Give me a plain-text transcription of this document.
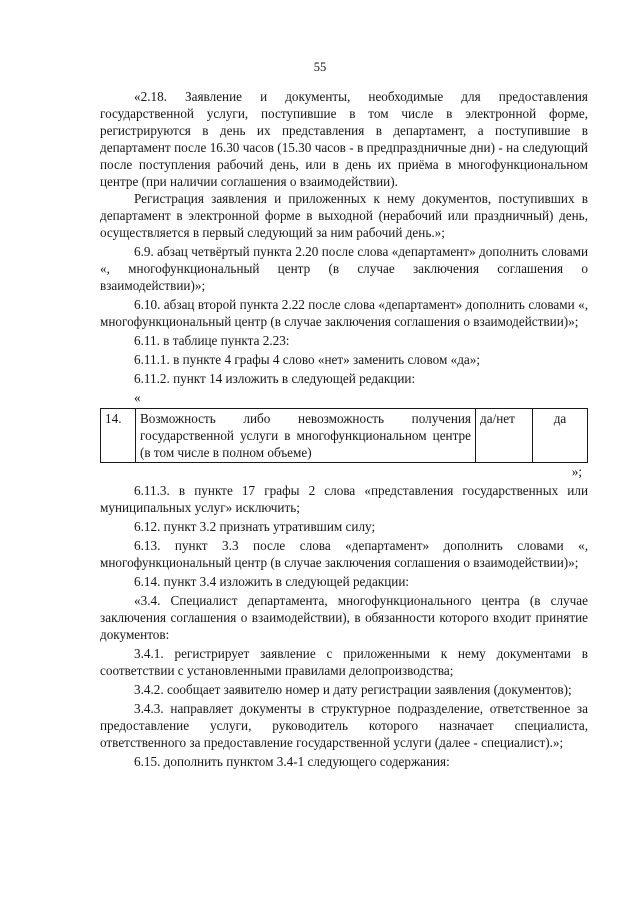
55

«2.18. Заявление и документы, необходимые для предоставления государственной услуги, поступившие в том числе в электронной форме, регистрируются в день их представления в департамент, а поступившие в департамент после 16.30 часов (15.30 часов - в предпраздничные дни) - на следующий после поступления рабочий день, или в день их приёма в многофункциональном центре (при наличии соглашения о взаимодействии).

Регистрация заявления и приложенных к нему документов, поступивших в департамент в электронной форме в выходной (нерабочий или праздничный) день, осуществляется в первый следующий за ним рабочий день.»;

6.9. абзац четвёртый пункта 2.20 после слова «департамент» дополнить словами «, многофункциональный центр (в случае заключения соглашения о взаимодействии)»;

6.10. абзац второй пункта 2.22 после слова «департамент» дополнить словами «, многофункциональный центр (в случае заключения соглашения о взаимодействии)»;

6.11. в таблице пункта 2.23:

6.11.1. в пункте 4 графы 4 слово «нет» заменить словом «да»;

6.11.2. пункт 14 изложить в следующей редакции:

«

14.	Возможность либо невозможность получения государственной услуги в многофункциональном центре (в том числе в полном объеме)	да/нет	да

»;

6.11.3. в пункте 17 графы 2 слова «представления государственных или муниципальных услуг» исключить;

6.12. пункт 3.2 признать утратившим силу;

6.13. пункт 3.3 после слова «департамент» дополнить словами «, многофункциональный центр (в случае заключения соглашения о взаимодействии)»;

6.14. пункт 3.4 изложить в следующей редакции:

«3.4. Специалист департамента, многофункционального центра (в случае заключения соглашения о взаимодействии), в обязанности которого входит принятие документов:

3.4.1. регистрирует заявление с приложенными к нему документами в соответствии с установленными правилами делопроизводства;

3.4.2. сообщает заявителю номер и дату регистрации заявления (документов);

3.4.3. направляет документы в структурное подразделение, ответственное за предоставление услуги, руководитель которого назначает специалиста, ответственного за предоставление государственной услуги (далее - специалист).»;

6.15. дополнить пунктом 3.4-1 следующего содержания:
